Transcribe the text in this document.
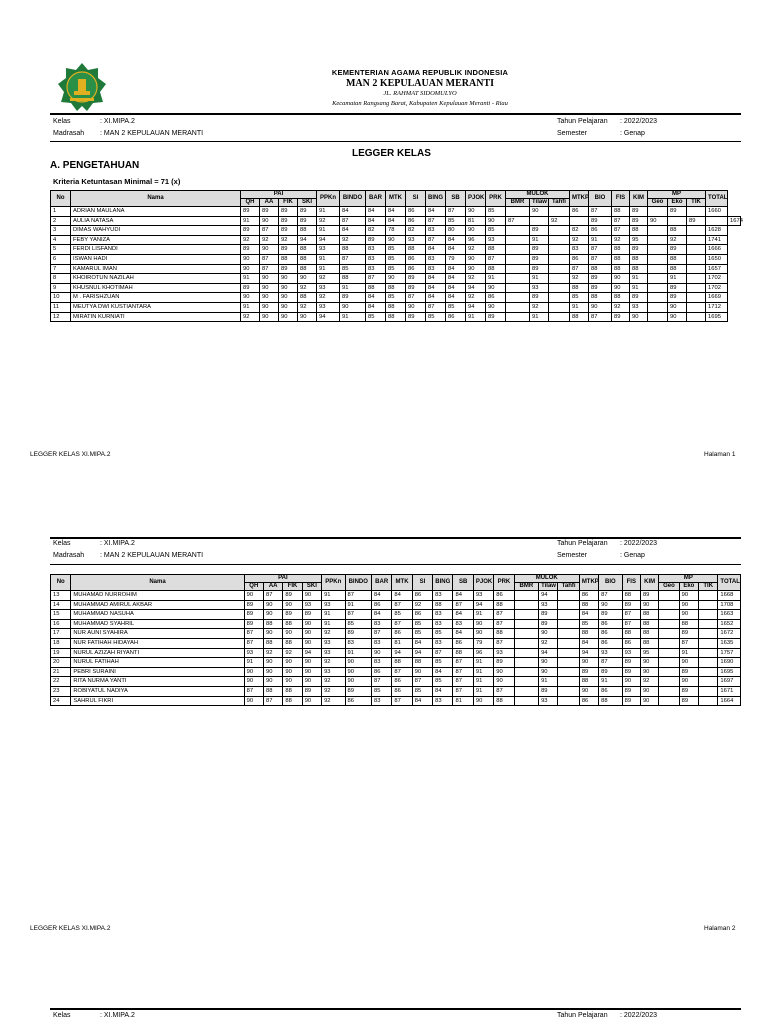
KEMENTERIAN AGAMA REPUBLIK INDONESIA
MAN 2 KEPULAUAN MERANTI
JL. RAHMAT SIDOMULYO
Kecamatan Rangsang Barat, Kabupaten Kepulauan Meranti - Riau
Kelas	: XI.MIPA.2
Madrasah : MAN 2 KEPULAUAN MERANTI
Tahun Pelajaran : 2022/2023
Semester	: Genap
LEGGER KELAS
A. PENGETAHUAN
Kriteria Ketuntasan Minimal = 71 (x)
No	Nama	PAI				PPKn	BINDO	BAR	MTK	SI	BING	SB	PJOK	PRK	MULOK			MTKP	BIO	FIS	KIM	MP			TOTAL	
		QH	AA	FIK	SKI										BMR	Tilaw	Tahfi					Geo	Eko	TIK		
1	ADRIAN MAULANA	89	89	89	89	91	84	84	84	86	84	87	90	85		90		86	87	88	89		89		1660	
2	AULIA NATASA	91	90	89	89	92	87	84	84	86	87	85	81	90	87		92		89	87	89	90		89		1674
3	DIMAS WAHYUDI	89	87	89	88	91	84	82	78	82	83	80	90	85		89		82	86	87	88		88		1628	
4	FEBY YANIZA	92	92	92	94	94	92	89	90	93	87	84	96	93		91		92	91	92	95		92		1741	
5	FERDI LISFANDI	89	90	89	88	93	88	83	85	88	84	84	92	88		89		83	87	88	89		89		1666	
6	ISWAN HADI	90	87	88	88	91	87	83	85	86	83	79	90	87		89		86	87	88	88		88		1650	
7	KAMARUL IMAN	90	87	89	88	91	85	83	85	86	83	84	90	88		89		87	88	88	88		88		1657	
8	KHOIROTUN NAZILAH	91	90	90	90	92	88	87	90	89	84	84	92	91		91		92	89	90	91		91		1702	
9	KHUSNUL KHOTIMAH	89	90	90	92	93	91	88	88	89	84	84	94	90		93		88	89	90	91		89		1702	
10	M . FARISHZUAN	90	90	90	88	92	89	84	85	87	84	84	92	86		89		85	88	88	89		89		1669	
11	MEUTYA DWI KUSTIANTARA	91	90	90	92	93	90	84	88	90	87	85	94	90		92		91	90	92	93		90		1712	
12	MIRATIN KURNIATI	92	90	90	90	94	91	85	88	89	85	86	91	89		91		88	87	89	90		90		1695	
LEGGER KELAS XI.MIPA.2	Halaman 1
Kelas	: XI.MIPA.2
Madrasah : MAN 2 KEPULAUAN MERANTI
Tahun Pelajaran : 2022/2023
Semester	: Genap
No	Nama	PAI				PPKn	BINDO	BAR	MTK	SI	BING	SB	PJOK	PRK	MULOK			MTKP	BIO	FIS	KIM	MP			TOTAL
		QH	AA	FIK	SKI										BMR	Tilaw	Tahfi					Geo	Eko	TIK	
13	MUHAMAD NURROHIM	90	87	89	90	91	87	84	84	86	83	84	93	86		94		86	87	88	89		90		1668
14	MUHAMMAD AMIRUL AKBAR	89	90	90	93	93	91	86	87	92	88	87	94	88		93		88	90	89	90		90		1708
15	MUHAMMAD NASUHA	89	90	89	89	91	87	84	85	86	83	84	91	87		89		84	89	87	88		90		1663
16	MUHAMMAD SYAHRIL	89	88	88	90	91	85	83	87	85	83	83	90	87		89		85	86	87	88		88		1652
17	NUR AUNI SYAHIRA	87	90	90	90	92	89	87	86	85	85	84	90	88		90		88	86	88	88		89		1672
18	NUR FATIHAH HIDAYAH	87	88	88	90	93	83	83	81	84	83	86	79	87		92		84	86	86	88		87		1635
19	NURUL AZIZAH RIYANTI	93	92	92	94	93	91	90	94	94	87	88	96	93		94		94	93	93	95		91		1757
20	NURUL FATIHAH	91	90	90	90	92	90	83	88	88	85	87	91	89		90		90	87	89	90		90		1690
21	PEBRI SURAINI	90	90	90	90	93	90	86	87	90	84	87	91	90		90		89	89	89	90		89		1695
22	RITA NURMA YANTI	90	90	90	90	92	90	87	86	87	85	87	91	90		91		88	91	90	92		90		1697
23	ROBIYATUL NADIYA	87	88	88	89	92	89	85	86	85	84	87	91	87		89		90	86	89	90		89		1671
24	SAHRUL FIKRI	90	87	88	90	92	86	83	87	84	83	81	90	88		93		86	88	89	90		89		1664
LEGGER KELAS XI.MIPA.2	Halaman 2
Kelas	: XI.MIPA.2	Tahun Pelajaran : 2022/2023
